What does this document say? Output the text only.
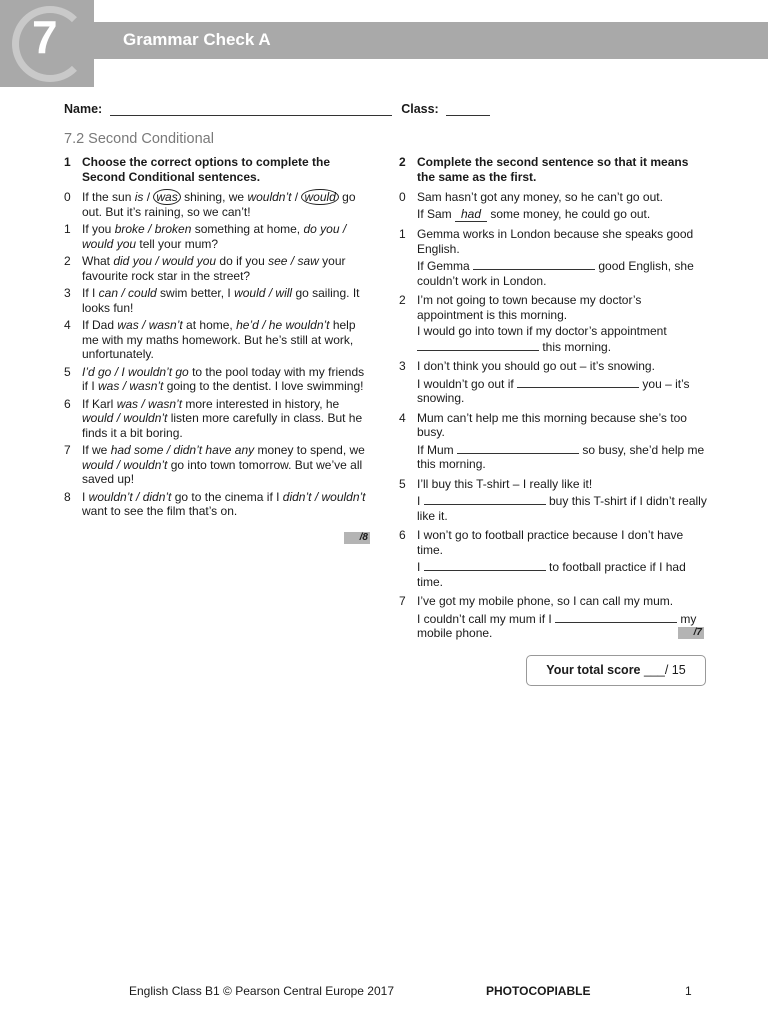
7	Grammar Check A
Name:	Class:
7.2 Second Conditional
1 Choose the correct options to complete the Second Conditional sentences.
0 If the sun is / was shining, we wouldn’t / would go out. But it’s raining, so we can’t!
1 If you broke / broken something at home, do you / would you tell your mum?
2 What did you / would you do if you see / saw your favourite rock star in the street?
3 If I can / could swim better, I would / will go sailing. It looks fun!
4 If Dad was / wasn’t at home, he’d / he wouldn’t help me with my maths homework. But he’s still at work, unfortunately.
5 I’d go / I wouldn’t go to the pool today with my friends if I was / wasn’t going to the dentist. I love swimming!
6 If Karl was / wasn’t more interested in history, he would / wouldn’t listen more carefully in class. But he finds it a bit boring.
7 If we had some / didn’t have any money to spend, we would / wouldn’t go into town tomorrow. But we’ve all saved up!
8 I wouldn’t / didn’t go to the cinema if I didn’t / wouldn’t want to see the film that’s on.
/8
2 Complete the second sentence so that it means the same as the first.
0 Sam hasn’t got any money, so he can’t go out.

If Sam had some money, he could go out.

1 Gemma works in London because she speaks good English.

If Gemma	good English, she couldn’t work in London.

2 I’m not going to town because my doctor’s appointment is this morning.

I would go into town if my doctor’s appointment  this morning.

3 I don’t think you should go out – it’s snowing.

I wouldn’t go out if	you – it’s snowing.

4 Mum can’t help me this morning because she’s too busy.

If Mum	so busy, she’d help me this morning.

5 I’ll buy this T-shirt – I really like it!

I	buy this T-shirt if I didn’t really like it.

6 I won’t go to football practice because I don’t have time.

I	to football practice if I had time.

7 I’ve got my mobile phone, so I can call my mum.

I couldn’t call my mum if I	my mobile phone.	/7
Your total score ___/ 15
English Class B1 © Pearson Central Europe 2017	PHOTOCOPIABLE	1
